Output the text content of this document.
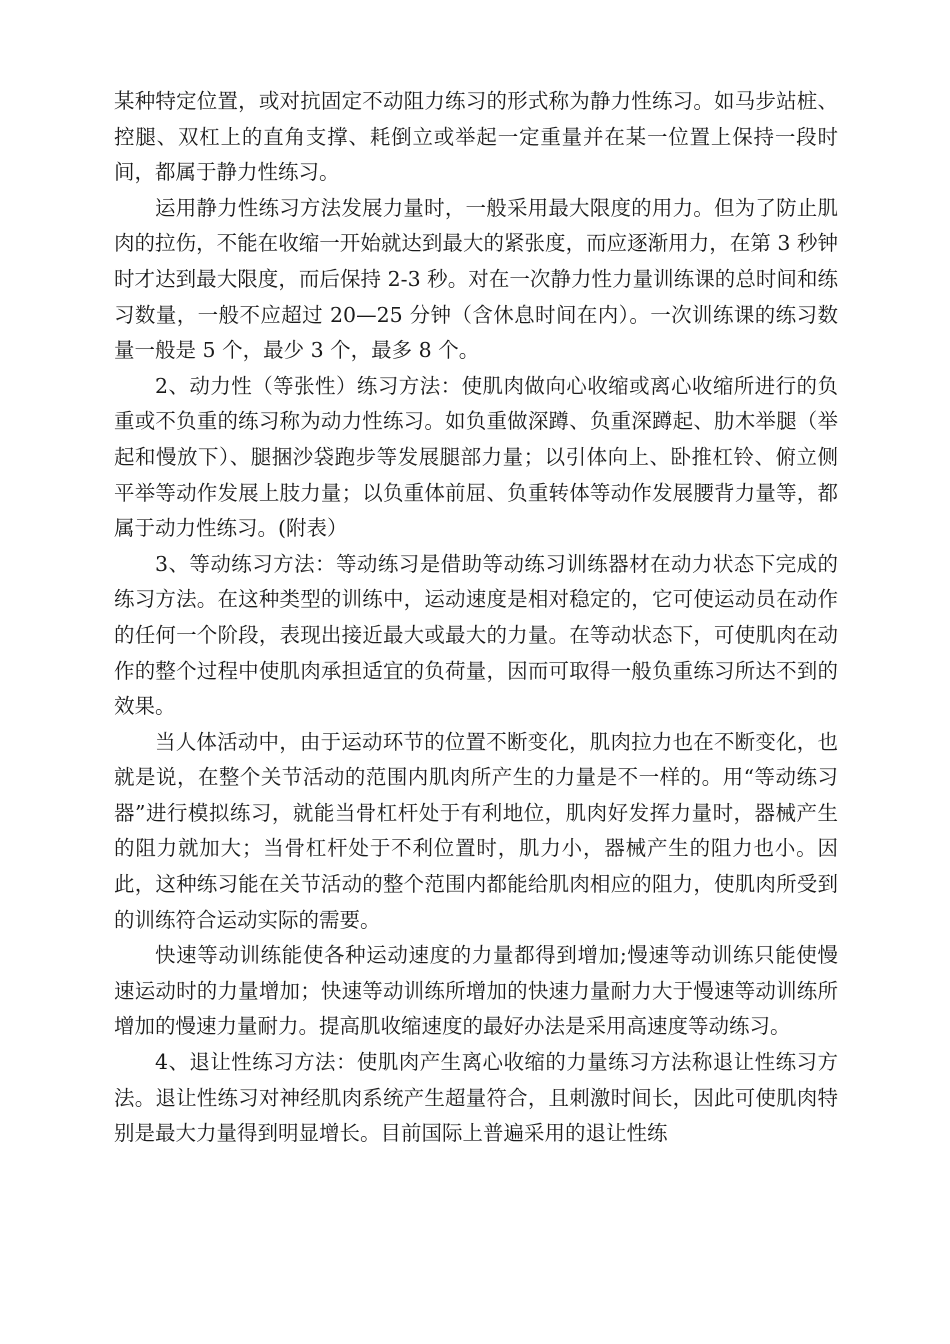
某种特定位置，或对抗固定不动阻力练习的形式称为静力性练习。如马步站桩、控腿、双杠上的直角支撑、耗倒立或举起一定重量并在某一位置上保持一段时间，都属于静力性练习。

运用静力性练习方法发展力量时，一般采用最大限度的用力。但为了防止肌肉的拉伤，不能在收缩一开始就达到最大的紧张度，而应逐渐用力，在第 3 秒钟时才达到最大限度，而后保持 2-3 秒。对在一次静力性力量训练课的总时间和练习数量，一般不应超过 20—25 分钟（含休息时间在内）。一次训练课的练习数量一般是 5 个，最少 3 个，最多 8 个。

2、动力性（等张性）练习方法：使肌肉做向心收缩或离心收缩所进行的负重或不负重的练习称为动力性练习。如负重做深蹲、负重深蹲起、肋木举腿（举起和慢放下）、腿捆沙袋跑步等发展腿部力量；以引体向上、卧推杠铃、俯立侧平举等动作发展上肢力量；以负重体前屈、负重转体等动作发展腰背力量等，都属于动力性练习。(附表）

3、等动练习方法：等动练习是借助等动练习训练器材在动力状态下完成的练习方法。在这种类型的训练中，运动速度是相对稳定的，它可使运动员在动作的任何一个阶段，表现出接近最大或最大的力量。在等动状态下，可使肌肉在动作的整个过程中使肌肉承担适宜的负荷量，因而可取得一般负重练习所达不到的效果。

当人体活动中，由于运动环节的位置不断变化，肌肉拉力也在不断变化，也就是说，在整个关节活动的范围内肌肉所产生的力量是不一样的。用“等动练习器”进行模拟练习，就能当骨杠杆处于有利地位，肌肉好发挥力量时，器械产生的阻力就加大；当骨杠杆处于不利位置时，肌力小，器械产生的阻力也小。因此，这种练习能在关节活动的整个范围内都能给肌肉相应的阻力，使肌肉所受到的训练符合运动实际的需要。

快速等动训练能使各种运动速度的力量都得到增加;慢速等动训练只能使慢速运动时的力量增加；快速等动训练所增加的快速力量耐力大于慢速等动训练所增加的慢速力量耐力。提高肌收缩速度的最好办法是采用高速度等动练习。

4、退让性练习方法：使肌肉产生离心收缩的力量练习方法称退让性练习方法。退让性练习对神经肌肉系统产生超量符合，且刺激时间长，因此可使肌肉特别是最大力量得到明显增长。目前国际上普遍采用的退让性练
